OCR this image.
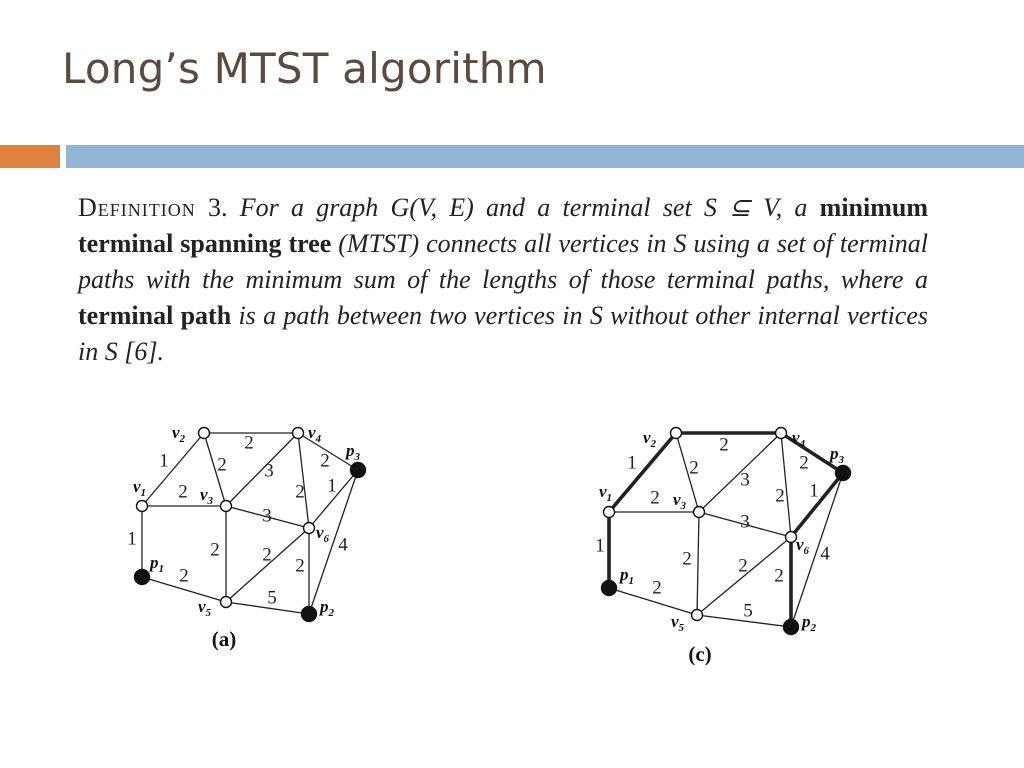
Long’s MTST algorithm
Definition 3. For a graph G(V, E) and a terminal set S ⊆ V, a minimum terminal spanning tree (MTST) connects all vertices in S using a set of terminal paths with the minimum sum of the lengths of those terminal paths, where a terminal path is a path between two vertices in S without other internal vertices in S [6].
1
1
2
2
2 3 2
2 1
3
2
2
2
5
2
4
$v_1$
$v_2$
$v_3$
$v_4$
$v_5$
$v_6$
$p_1$
$p_2$
$p_3$
(a)
1
1
2
2
2
3
2
2 1
3
2
2
2
5
2
4
$v_1$
$v_2$
$v_3$
$v_4$
$v_5$
$v_6$
$p_1$
$p_2$
$p_3$
(c)
